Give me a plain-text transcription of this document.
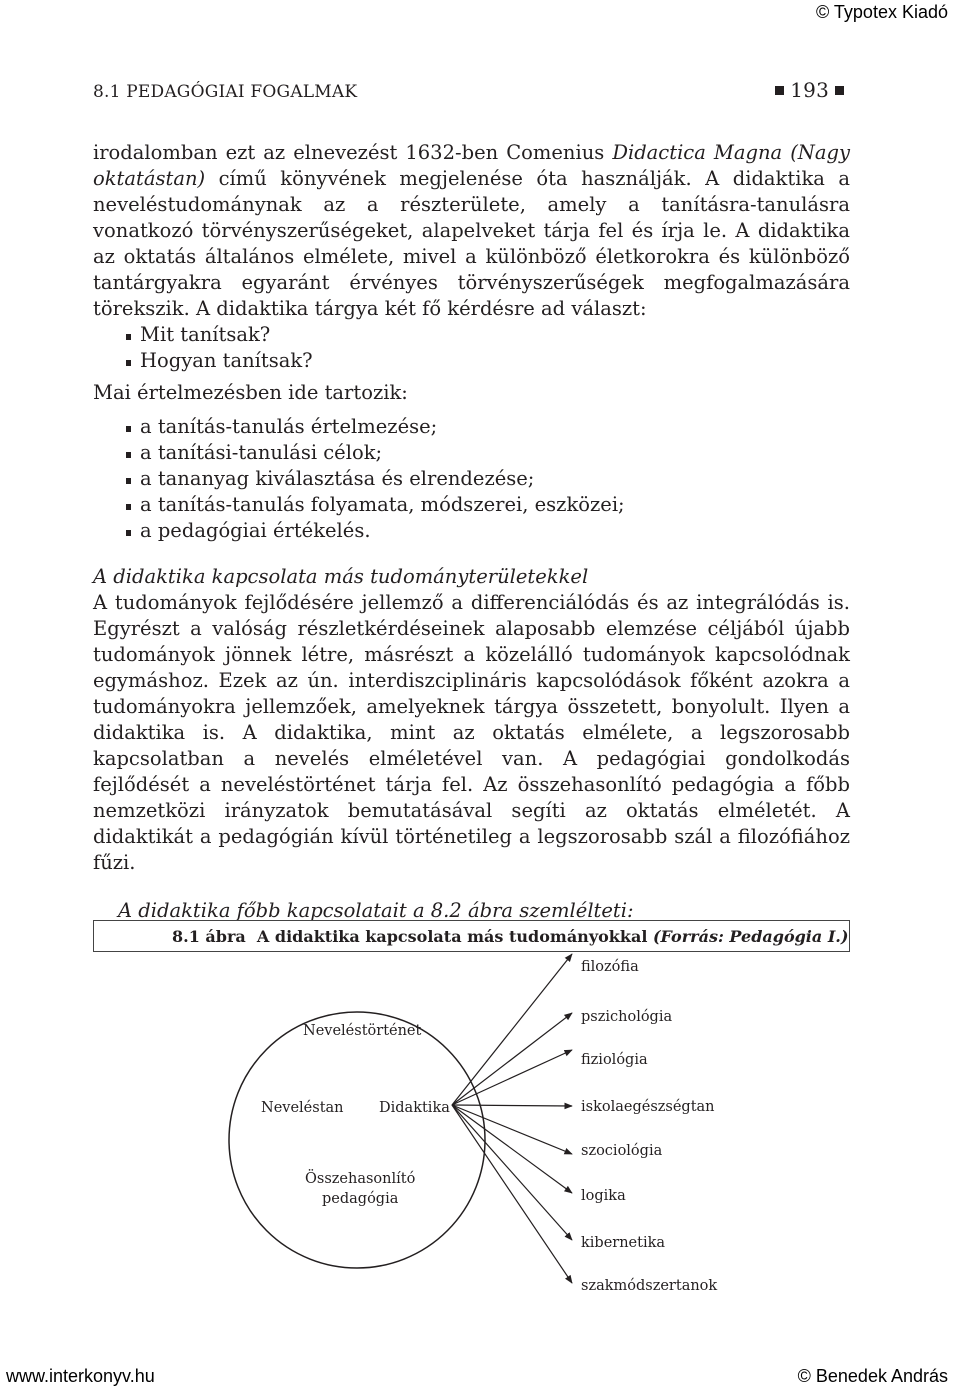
© Typotex Kiadó
8.1 PEDAGÓGIAI FOGALMAK	193

irodalomban ezt az elnevezést 1632-ben Comenius Didactica Magna (Nagy oktatástan) című könyvének megjelenése óta használják. A didaktika a neveléstudománynak az a részterülete, amely a tanításra-tanulásra vonatkozó törvényszerűségeket, alapelveket tárja fel és írja le. A didaktika az oktatás általános elmélete, mivel a különböző életkorokra és különböző tantárgyakra egyaránt érvényes törvényszerűségek megfogalmazására törekszik. A didaktika tárgya két fő kérdésre ad választ:

Mit tanítsak?
Hogyan tanítsak?
Mai értelmezésben ide tartozik:
a tanítás-tanulás értelmezése;
a tanítási-tanulási célok;
a tananyag kiválasztása és elrendezése;
a tanítás-tanulás folyamata, módszerei, eszközei;
a pedagógiai értékelés.
A didaktika kapcsolata más tudományterületekkel

A tudományok fejlődésére jellemző a differenciálódás és az integrálódás is. Egyrészt a valóság részletkérdéseinek alaposabb elemzése céljából újabb tudományok jönnek létre, másrészt a közelálló tudományok kapcsolódnak egymáshoz. Ezek az ún. interdiszciplináris kapcsolódások főként azokra a tudományokra jellemzőek, amelyeknek tárgya összetett, bonyolult. Ilyen a didaktika is. A didaktika, mint az oktatás elmélete, a legszorosabb kapcsolatban a nevelés elméletével van. A pedagógiai gondolkodás fejlődését a neveléstörténet tárja fel. Az összehasonlító pedagógia a főbb nemzetközi irányzatok bemutatásával segíti az oktatás elméletét. A didaktikát a pedagógián kívül történetileg a legszorosabb szál a filozófiához fűzi.

A didaktika főbb kapcsolatait a 8.2 ábra szemlélteti:
8.1 ábra A didaktika kapcsolata más tudományokkal (Forrás: Pedagógia I.)
Neveléstörténet
Neveléstan Didaktika
Összehasonlító
pedagógia
filozófia
pszichológia
fiziológia
iskolaegészségtan
szociológia
logika
kibernetika
szakmódszertanok
www.interkonyv.hu	© Benedek András
